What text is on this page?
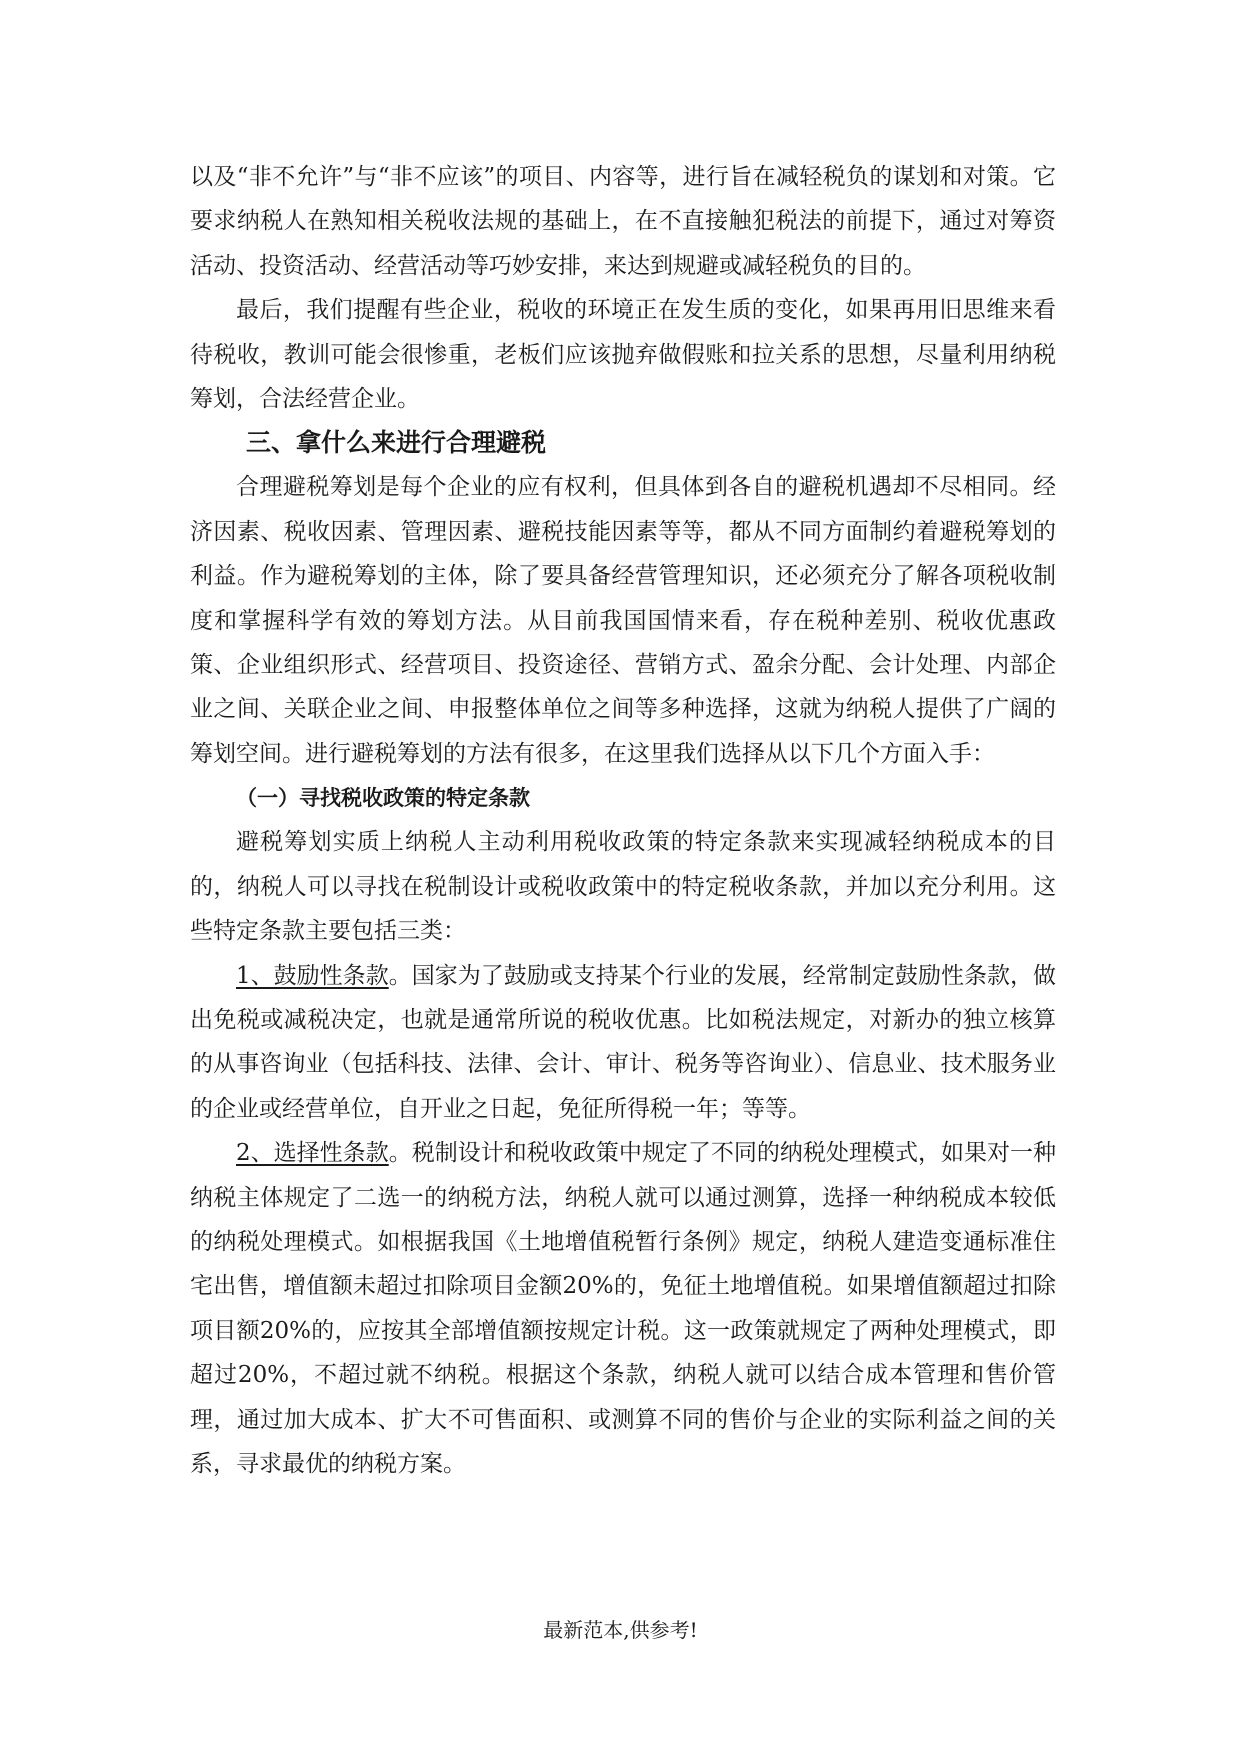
以及“非不允许”与“非不应该”的项目、内容等，进行旨在减轻税负的谋划和对策。它要求纳税人在熟知相关税收法规的基础上，在不直接触犯税法的前提下，通过对筹资活动、投资活动、经营活动等巧妙安排，来达到规避或减轻税负的目的。

最后，我们提醒有些企业，税收的环境正在发生质的变化，如果再用旧思维来看待税收，教训可能会很惨重，老板们应该抛弃做假账和拉关系的思想，尽量利用纳税筹划，合法经营企业。

三、拿什么来进行合理避税

合理避税筹划是每个企业的应有权利，但具体到各自的避税机遇却不尽相同。经济因素、税收因素、管理因素、避税技能因素等等，都从不同方面制约着避税筹划的利益。作为避税筹划的主体，除了要具备经营管理知识，还必须充分了解各项税收制度和掌握科学有效的筹划方法。从目前我国国情来看，存在税种差别、税收优惠政策、企业组织形式、经营项目、投资途径、营销方式、盈余分配、会计处理、内部企业之间、关联企业之间、申报整体单位之间等多种选择，这就为纳税人提供了广阔的筹划空间。进行避税筹划的方法有很多，在这里我们选择从以下几个方面入手：

（一）寻找税收政策的特定条款

避税筹划实质上纳税人主动利用税收政策的特定条款来实现减轻纳税成本的目的，纳税人可以寻找在税制设计或税收政策中的特定税收条款，并加以充分利用。这些特定条款主要包括三类：

1、鼓励性条款。国家为了鼓励或支持某个行业的发展，经常制定鼓励性条款，做出免税或减税决定，也就是通常所说的税收优惠。比如税法规定，对新办的独立核算的从事咨询业（包括科技、法律、会计、审计、税务等咨询业）、信息业、技术服务业的企业或经营单位，自开业之日起，免征所得税一年；等等。

2、选择性条款。税制设计和税收政策中规定了不同的纳税处理模式，如果对一种纳税主体规定了二选一的纳税方法，纳税人就可以通过测算，选择一种纳税成本较低的纳税处理模式。如根据我国《土地增值税暂行条例》规定，纳税人建造变通标准住宅出售，增值额未超过扣除项目金额20%的，免征土地增值税。如果增值额超过扣除项目额20%的，应按其全部增值额按规定计税。这一政策就规定了两种处理模式，即超过20%，不超过就不纳税。根据这个条款，纳税人就可以结合成本管理和售价管理，通过加大成本、扩大不可售面积、或测算不同的售价与企业的实际利益之间的关系，寻求最优的纳税方案。

最新范本,供参考!
